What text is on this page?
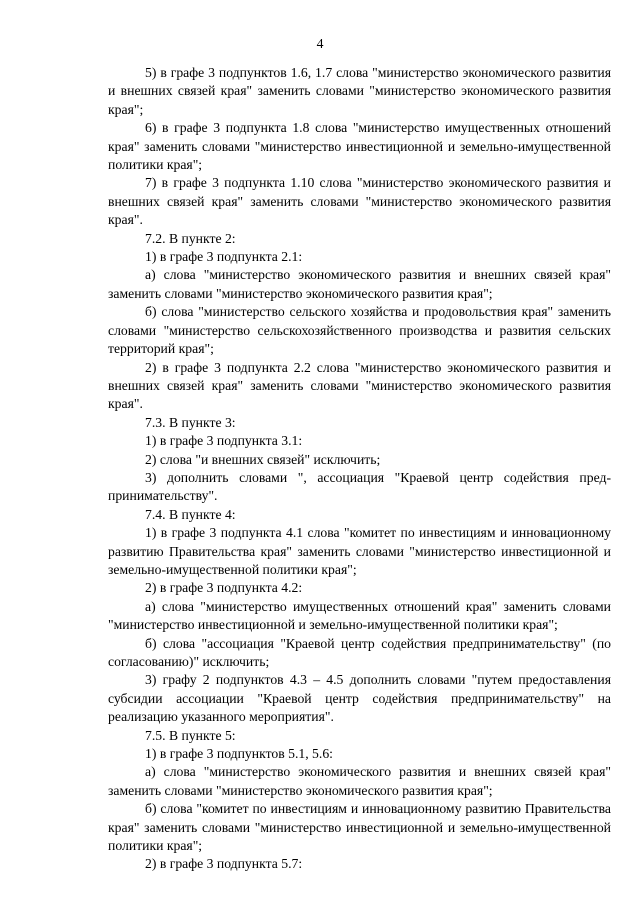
4

5) в графе 3 подпунктов 1.6, 1.7 слова "министерство экономического развития и внешних связей края" заменить словами "министерство экономического развития края";

6) в графе 3 подпункта 1.8 слова "министерство имущественных отношений края" заменить словами "министерство инвестиционной и земельно-имущественной политики края";

7) в графе 3 подпункта 1.10 слова "министерство экономического развития и внешних связей края" заменить словами "министерство экономического развития края".

7.2. В пункте 2:

1) в графе 3 подпункта 2.1:

а) слова "министерство экономического развития и внешних связей края" заменить словами "министерство экономического развития края";

б) слова "министерство сельского хозяйства и продовольствия края" заменить словами "министерство сельскохозяйственного производства и развития сельских территорий края";

2) в графе 3 подпункта 2.2 слова "министерство экономического развития и внешних связей края" заменить словами "министерство экономического развития края".

7.3. В пункте 3:

1) в графе 3 подпункта 3.1:

2) слова "и внешних связей" исключить;

3) дополнить словами ", ассоциация "Краевой центр содействия предпринимательству".

7.4. В пункте 4:

1) в графе 3 подпункта 4.1 слова "комитет по инвестициям и инновационному развитию Правительства края" заменить словами "министерство инвестиционной и земельно-имущественной политики края";

2) в графе 3 подпункта 4.2:

а) слова "министерство имущественных отношений края" заменить словами "министерство инвестиционной и земельно-имущественной политики края";

б) слова "ассоциация "Краевой центр содействия предпринимательству" (по согласованию)" исключить;

3) графу 2 подпунктов 4.3 – 4.5 дополнить словами "путем предоставления субсидии ассоциации "Краевой центр содействия предпринимательству" на реализацию указанного мероприятия".

7.5. В пункте 5:

1) в графе 3 подпунктов 5.1, 5.6:

а) слова "министерство экономического развития и внешних связей края" заменить словами "министерство экономического развития края";

б) слова "комитет по инвестициям и инновационному развитию Правительства края" заменить словами "министерство инвестиционной и земельно-имущественной политики края";

2) в графе 3 подпункта 5.7:
